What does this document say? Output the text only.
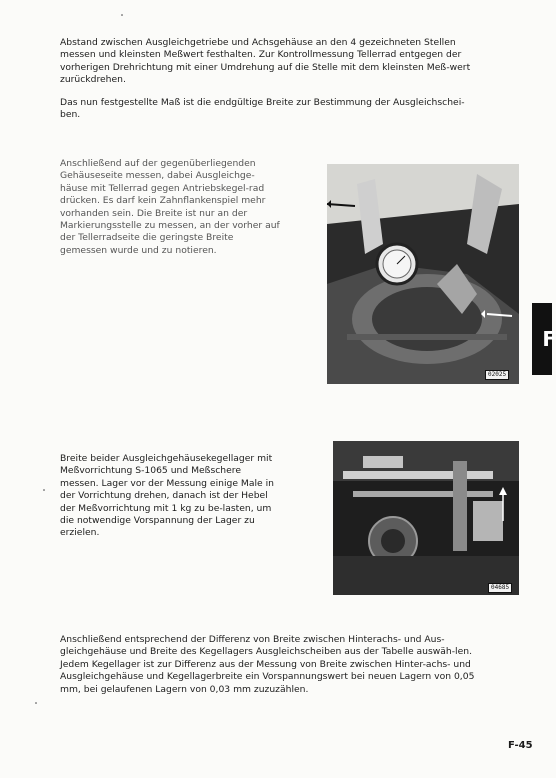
Abstand zwischen Ausgleichgetriebe und Achsgehäuse an den 4 gezeichneten Stellen messen und kleinsten Meßwert festhalten. Zur Kontrollmessung Tellerrad entgegen der vorherigen Drehrichtung mit einer Umdrehung auf die Stelle mit dem kleinsten Meß-wert zurückdrehen.

Das nun festgestellte Maß ist die endgültige Breite zur Bestimmung der Ausgleichschei-ben.

Anschließend auf der gegenüberliegenden Gehäuseseite messen, dabei Ausgleichge-häuse mit Tellerrad gegen Antriebskegel-rad drücken. Es darf kein Zahnflankenspiel mehr vorhanden sein. Die Breite ist nur an der Markierungsstelle zu messen, an der vorher auf der Tellerradseite die geringste Breite gemessen wurde und zu notieren.

02025
F

Breite beider Ausgleichgehäusekegellager mit Meßvorrichtung S-1065 und Meßschere messen. Lager vor der Messung einige Male in der Vorrichtung drehen, danach ist der Hebel der Meßvorrichtung mit 1 kg zu be-lasten, um die notwendige Vorspannung der Lager zu erzielen.

04685

Anschließend entsprechend der Differenz von Breite zwischen Hinterachs- und Aus-gleichgehäuse und Breite des Kegellagers Ausgleichscheiben aus der Tabelle auswäh-len. Jedem Kegellager ist zur Differenz aus der Messung von Breite zwischen Hinter-achs- und Ausgleichgehäuse und Kegellagerbreite ein Vorspannungswert bei neuen Lagern von 0,05 mm, bei gelaufenen Lagern von 0,03 mm zuzuzählen.

F-45
